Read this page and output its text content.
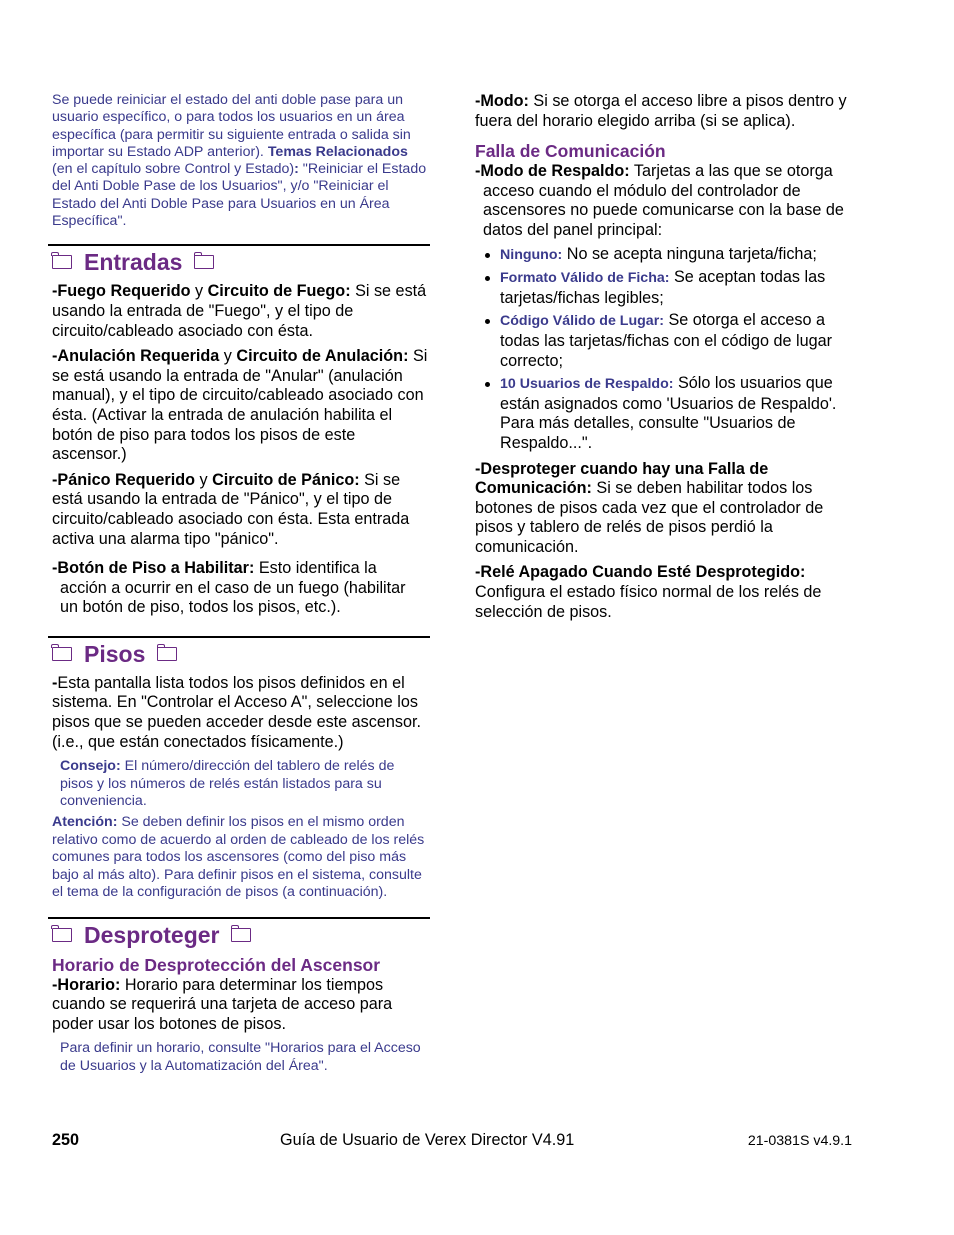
Se puede reiniciar el estado del anti doble pase para un usuario específico, o para todos los usuarios en un área específica (para permitir su siguiente entrada o salida sin importar su Estado ADP anterior). Temas Relacionados (en el capítulo sobre Control y Estado): "Reiniciar el Estado del Anti Doble Pase de los Usuarios", y/o "Reiniciar el Estado del Anti Doble Pase para Usuarios en un Área Específica".

Entradas

-Fuego Requerido y Circuito de Fuego: Si se está usando la entrada de "Fuego", y el tipo de circuito/cableado asociado con ésta.

-Anulación Requerida y Circuito de Anulación: Si se está usando la entrada de "Anular" (anulación manual), y el tipo de circuito/cableado asociado con ésta. (Activar la entrada de anulación habilita el botón de piso para todos los pisos de este ascensor.)

-Pánico Requerido y Circuito de Pánico: Si se está usando la entrada de "Pánico", y el tipo de circuito/cableado asociado con ésta. Esta entrada activa una alarma tipo "pánico".

-Botón de Piso a Habilitar: Esto identifica la acción a ocurrir en el caso de un fuego (habilitar un botón de piso, todos los pisos, etc.).

Pisos

-Esta pantalla lista todos los pisos definidos en el sistema. En "Controlar el Acceso A", seleccione los pisos que se pueden acceder desde este ascensor. (i.e., que están conectados físicamente.)

Consejo: El número/dirección del tablero de relés de pisos y los números de relés están listados para su conveniencia.

Atención: Se deben definir los pisos en el mismo orden relativo como de acuerdo al orden de cableado de los relés comunes para todos los ascensores (como del piso más bajo al más alto). Para definir pisos en el sistema, consulte el tema de la configuración de pisos (a continuación).

Desproteger

Horario de Desprotección del Ascensor

-Horario: Horario para determinar los tiempos cuando se requerirá una tarjeta de acceso para poder usar los botones de pisos.

Para definir un horario, consulte "Horarios para el Acceso de Usuarios y la Automatización del Área".

-Modo: Si se otorga el acceso libre a pisos dentro y fuera del horario elegido arriba (si se aplica).

Falla de Comunicación

-Modo de Respaldo: Tarjetas a las que se otorga acceso cuando el módulo del controlador de ascensores no puede comunicarse con la base de datos del panel principal:

Ninguno: No se acepta ninguna tarjeta/ficha;
Formato Válido de Ficha: Se aceptan todas las tarjetas/fichas legibles;
Código Válido de Lugar: Se otorga el acceso a todas las tarjetas/fichas con el código de lugar correcto;
10 Usuarios de Respaldo: Sólo los usuarios que están asignados como 'Usuarios de Respaldo'. Para más detalles, consulte "Usuarios de Respaldo...".

-Desproteger cuando hay una Falla de Comunicación: Si se deben habilitar todos los botones de pisos cada vez que el controlador de pisos y tablero de relés de pisos perdió la comunicación.

-Relé Apagado Cuando Esté Desprotegido: Configura el estado físico normal de los relés de selección de pisos.

250	Guía de Usuario de Verex Director V4.91	21-0381S v4.9.1
